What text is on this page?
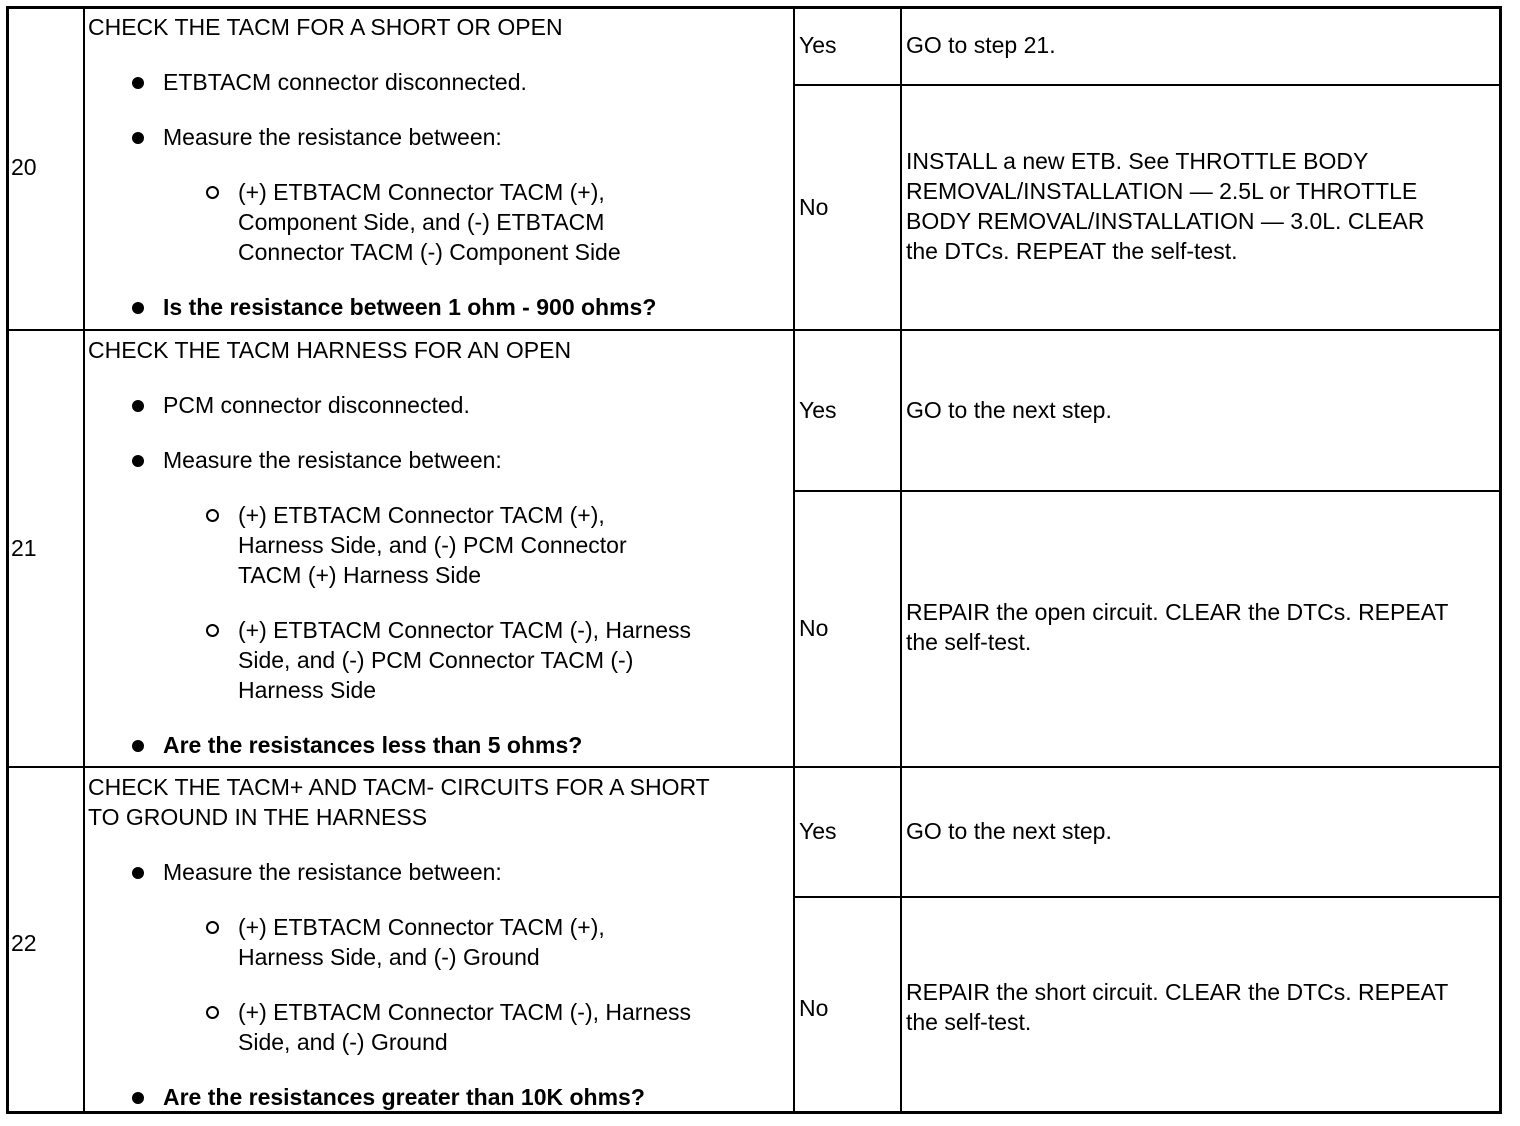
20
CHECK THE TACM FOR A SHORT OR OPEN
ETBTACM connector disconnected.
Measure the resistance between:
(+) ETBTACM Connector TACM (+),
Component Side, and (-) ETBTACM
Connector TACM (-) Component Side
Is the resistance between 1 ohm - 900 ohms?
Yes	GO to step 21.
No
INSTALL a new ETB. See THROTTLE BODY
REMOVAL/INSTALLATION — 2.5L or THROTTLE
BODY REMOVAL/INSTALLATION — 3.0L. CLEAR
the DTCs. REPEAT the self-test.
21
CHECK THE TACM HARNESS FOR AN OPEN
PCM connector disconnected.
Measure the resistance between:
(+) ETBTACM Connector TACM (+),
Harness Side, and (-) PCM Connector
TACM (+) Harness Side
(+) ETBTACM Connector TACM (-), Harness
Side, and (-) PCM Connector TACM (-)
Harness Side
Are the resistances less than 5 ohms?
Yes	GO to the next step.
No
REPAIR the open circuit. CLEAR the DTCs. REPEAT
the self-test.
22
CHECK THE TACM+ AND TACM- CIRCUITS FOR A SHORT
TO GROUND IN THE HARNESS
Measure the resistance between:
(+) ETBTACM Connector TACM (+),
Harness Side, and (-) Ground
(+) ETBTACM Connector TACM (-), Harness
Side, and (-) Ground
Are the resistances greater than 10K ohms?
Yes	GO to the next step.
No
REPAIR the short circuit. CLEAR the DTCs. REPEAT
the self-test.
